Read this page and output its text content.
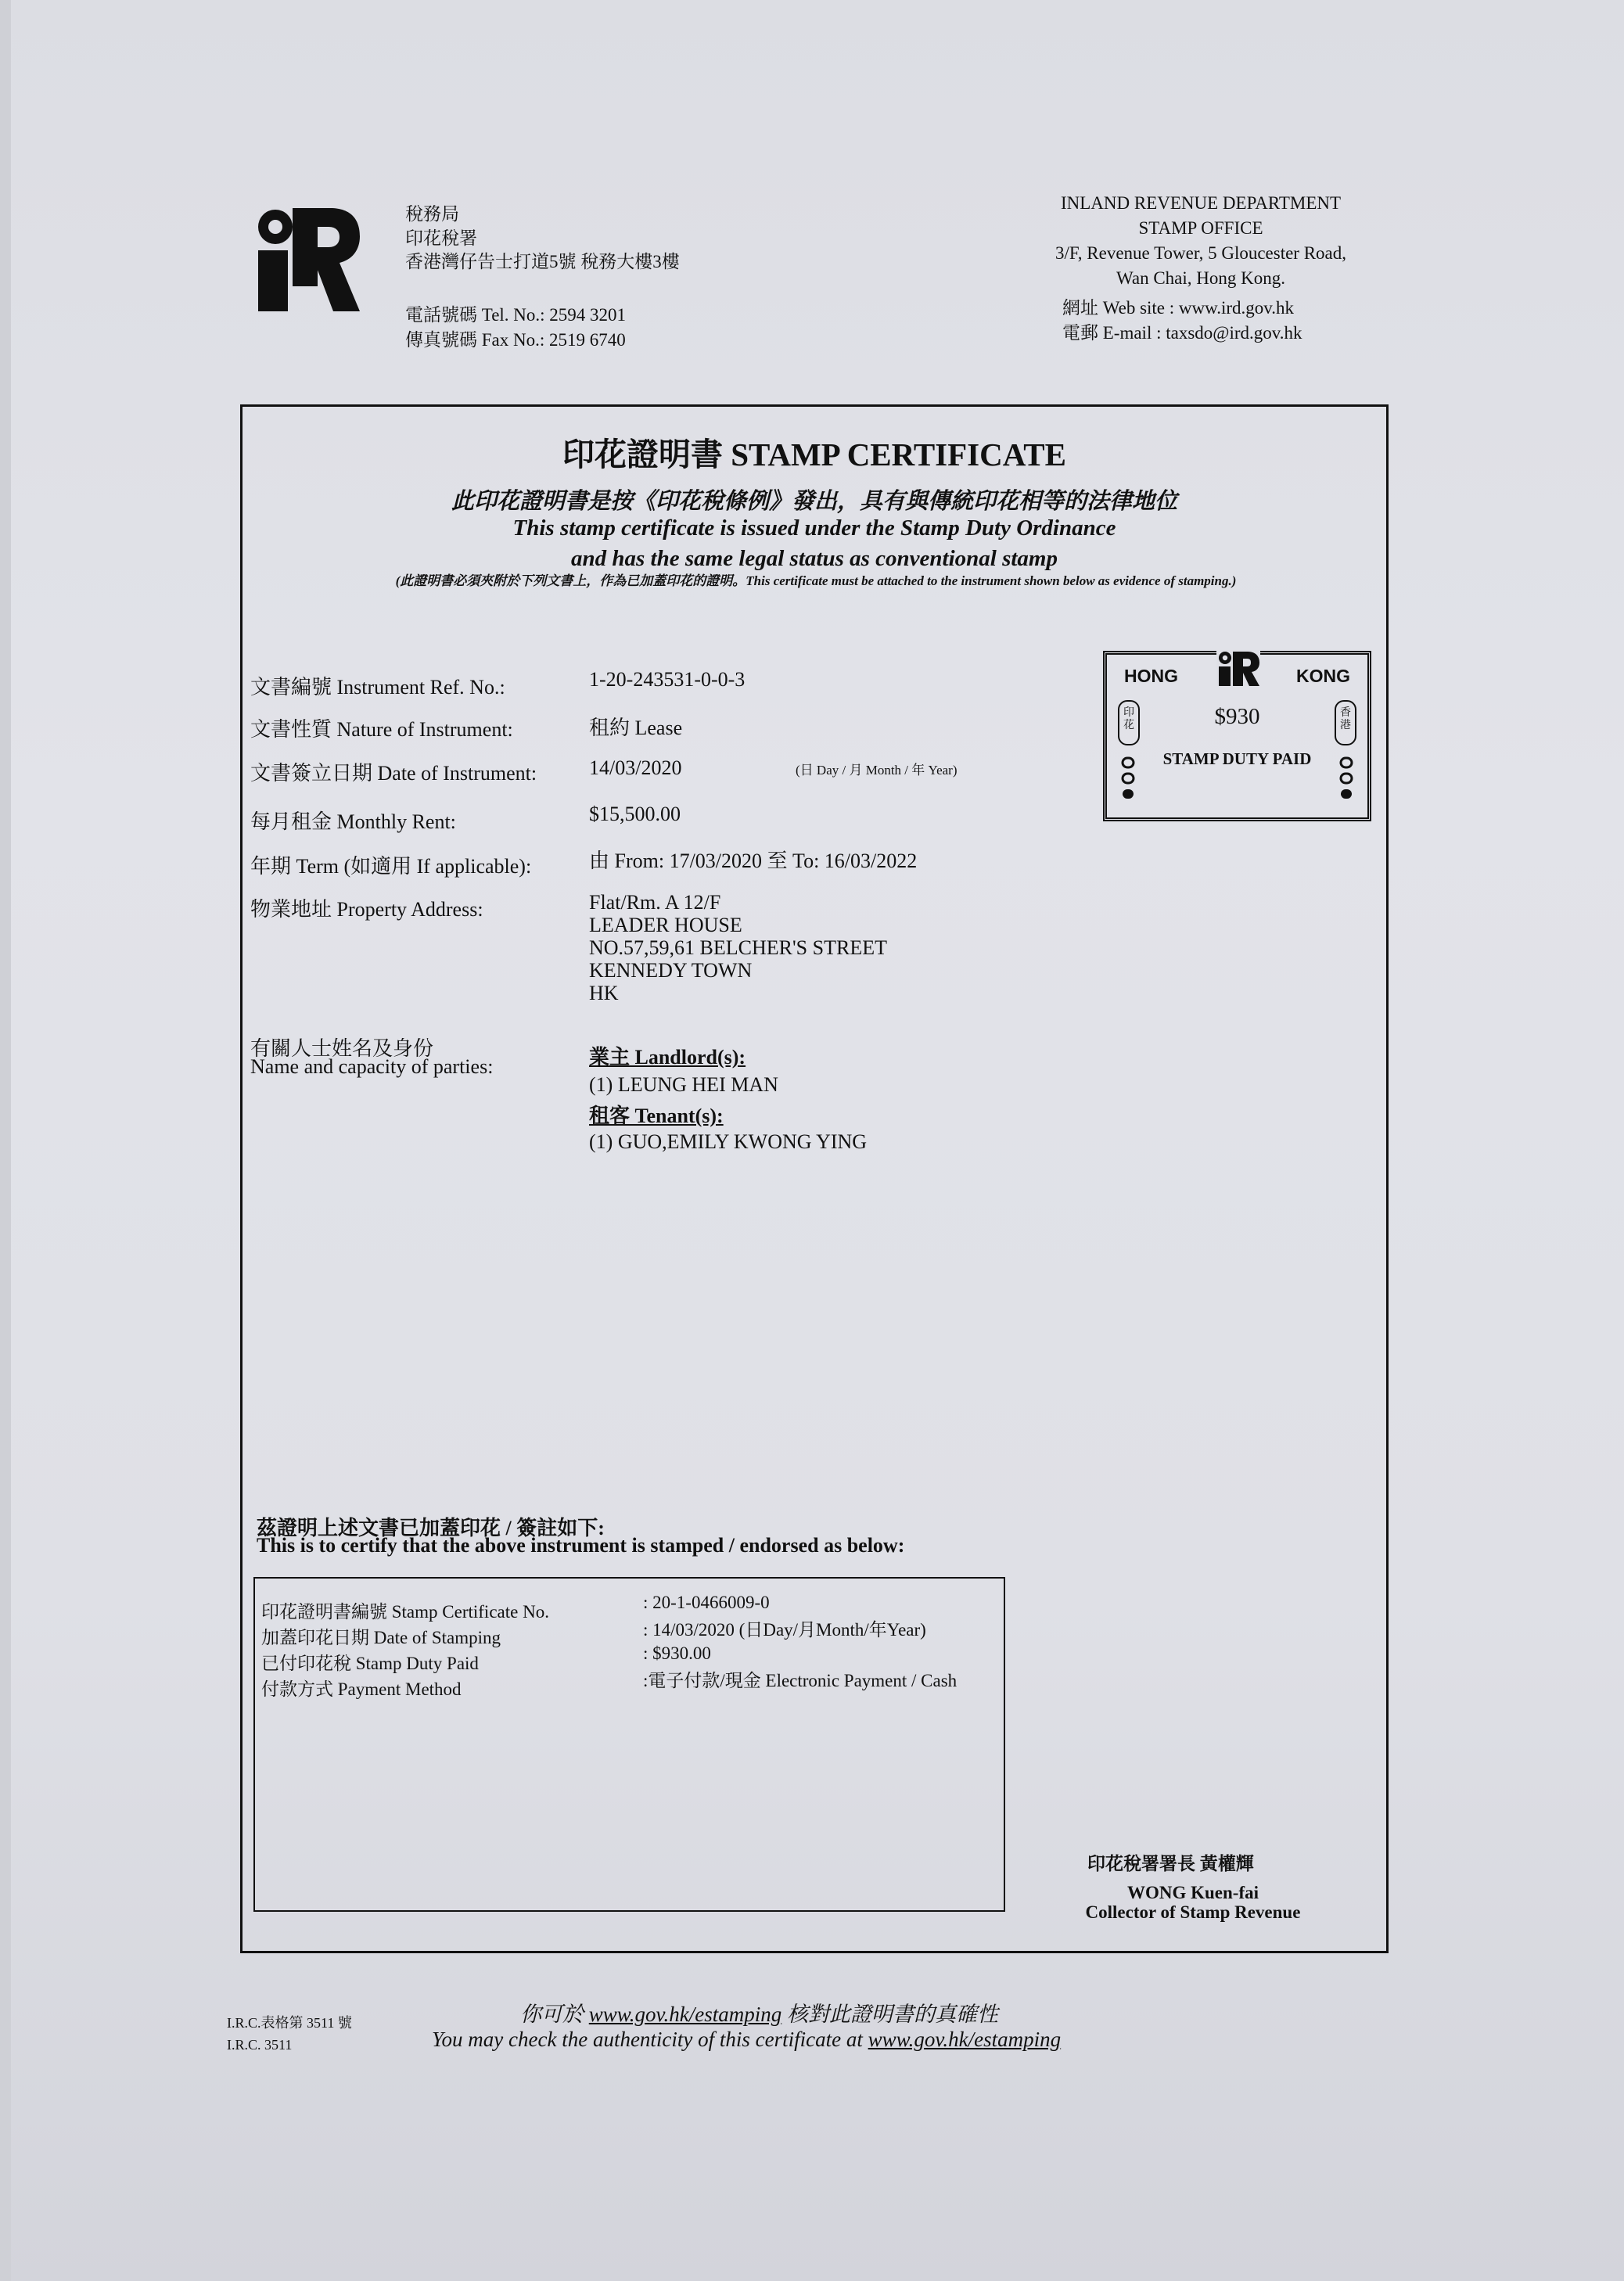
稅務局
印花稅署
香港灣仔告士打道5號 稅務大樓3樓
電話號碼 Tel. No.: 2594 3201
傳真號碼 Fax No.: 2519 6740
INLAND REVENUE DEPARTMENT
STAMP OFFICE
3/F, Revenue Tower, 5 Gloucester Road,
Wan Chai, Hong Kong.
網址 Web site : www.ird.gov.hk
電郵 E-mail : taxsdo@ird.gov.hk
印花證明書 STAMP CERTIFICATE
此印花證明書是按《印花稅條例》發出，具有與傳統印花相等的法律地位
This stamp certificate is issued under the Stamp Duty Ordinance
and has the same legal status as conventional stamp
(此證明書必須夾附於下列文書上，作為已加蓋印花的證明。This certificate must be attached to the instrument shown below as evidence of stamping.)
文書編號 Instrument Ref. No.:	1-20-243531-0-0-3
文書性質 Nature of Instrument:	租約 Lease
文書簽立日期 Date of Instrument:	14/03/2020	(日 Day / 月 Month / 年 Year)
每月租金 Monthly Rent:	$15,500.00
年期 Term (如適用 If applicable):	由 From: 17/03/2020 至 To: 16/03/2022
物業地址 Property Address:	Flat/Rm. A 12/F
LEADER HOUSE
NO.57,59,61 BELCHER'S STREET
KENNEDY TOWN
HK
有關人士姓名及身份
Name and capacity of parties:	業主 Landlord(s):
(1) LEUNG HEI MAN
租客 Tenant(s):
(1) GUO,EMILY KWONG YING
HONG	KONG
$930
STAMP DUTY PAID
印花
香港
茲證明上述文書已加蓋印花 / 簽註如下:
This is to certify that the above instrument is stamped / endorsed as below:
印花證明書編號 Stamp Certificate No.	: 20-1-0466009-0
加蓋印花日期 Date of Stamping	: 14/03/2020 (日Day/月Month/年Year)
已付印花稅 Stamp Duty Paid
: $930.00
付款方式 Payment Method	:電子付款/現金 Electronic Payment / Cash
印花稅署署長 黃權輝
WONG Kuen-fai
Collector of Stamp Revenue
I.R.C.表格第 3511 號
I.R.C. 3511
你可於 www.gov.hk/estamping 核對此證明書的真確性
You may check the authenticity of this certificate at www.gov.hk/estamping
